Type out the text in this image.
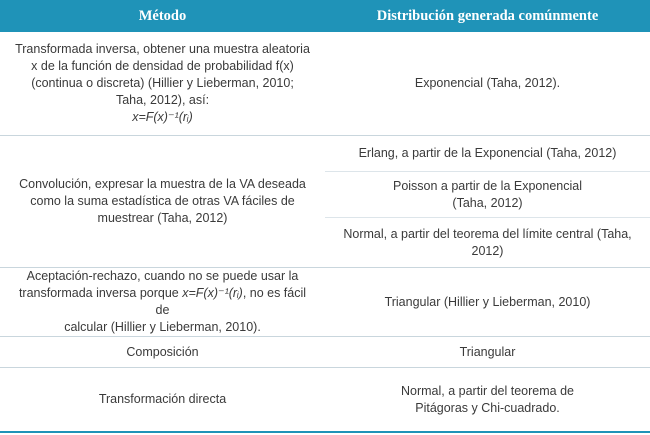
Método	Distribución generada comúnmente

Transformada inversa, obtener una muestra aleatoria
x de la función de densidad de probabilidad f(x)
(continua o discreta) (Hillier y Lieberman, 2010;
Taha, 2012), así:
x=F(x)⁻¹(rᵢ)	Exponencial (Taha, 2012).

Convolución, expresar la muestra de la VA deseada
como la suma estadística de otras VA fáciles de
muestrear (Taha, 2012)	Erlang, a partir de la Exponencial (Taha, 2012)

	Poisson a partir de la Exponencial
(Taha, 2012)

	Normal, a partir del teorema del límite central (Taha,
2012)

Aceptación-rechazo, cuando no se puede usar la
transformada inversa porque x=F(x)⁻¹(rᵢ), no es fácil de
calcular (Hillier y Lieberman, 2010).	Triangular (Hillier y Lieberman, 2010)
Composición	Triangular
Transformación directa	Normal, a partir del teorema de
Pitágoras y Chi-cuadrado.
